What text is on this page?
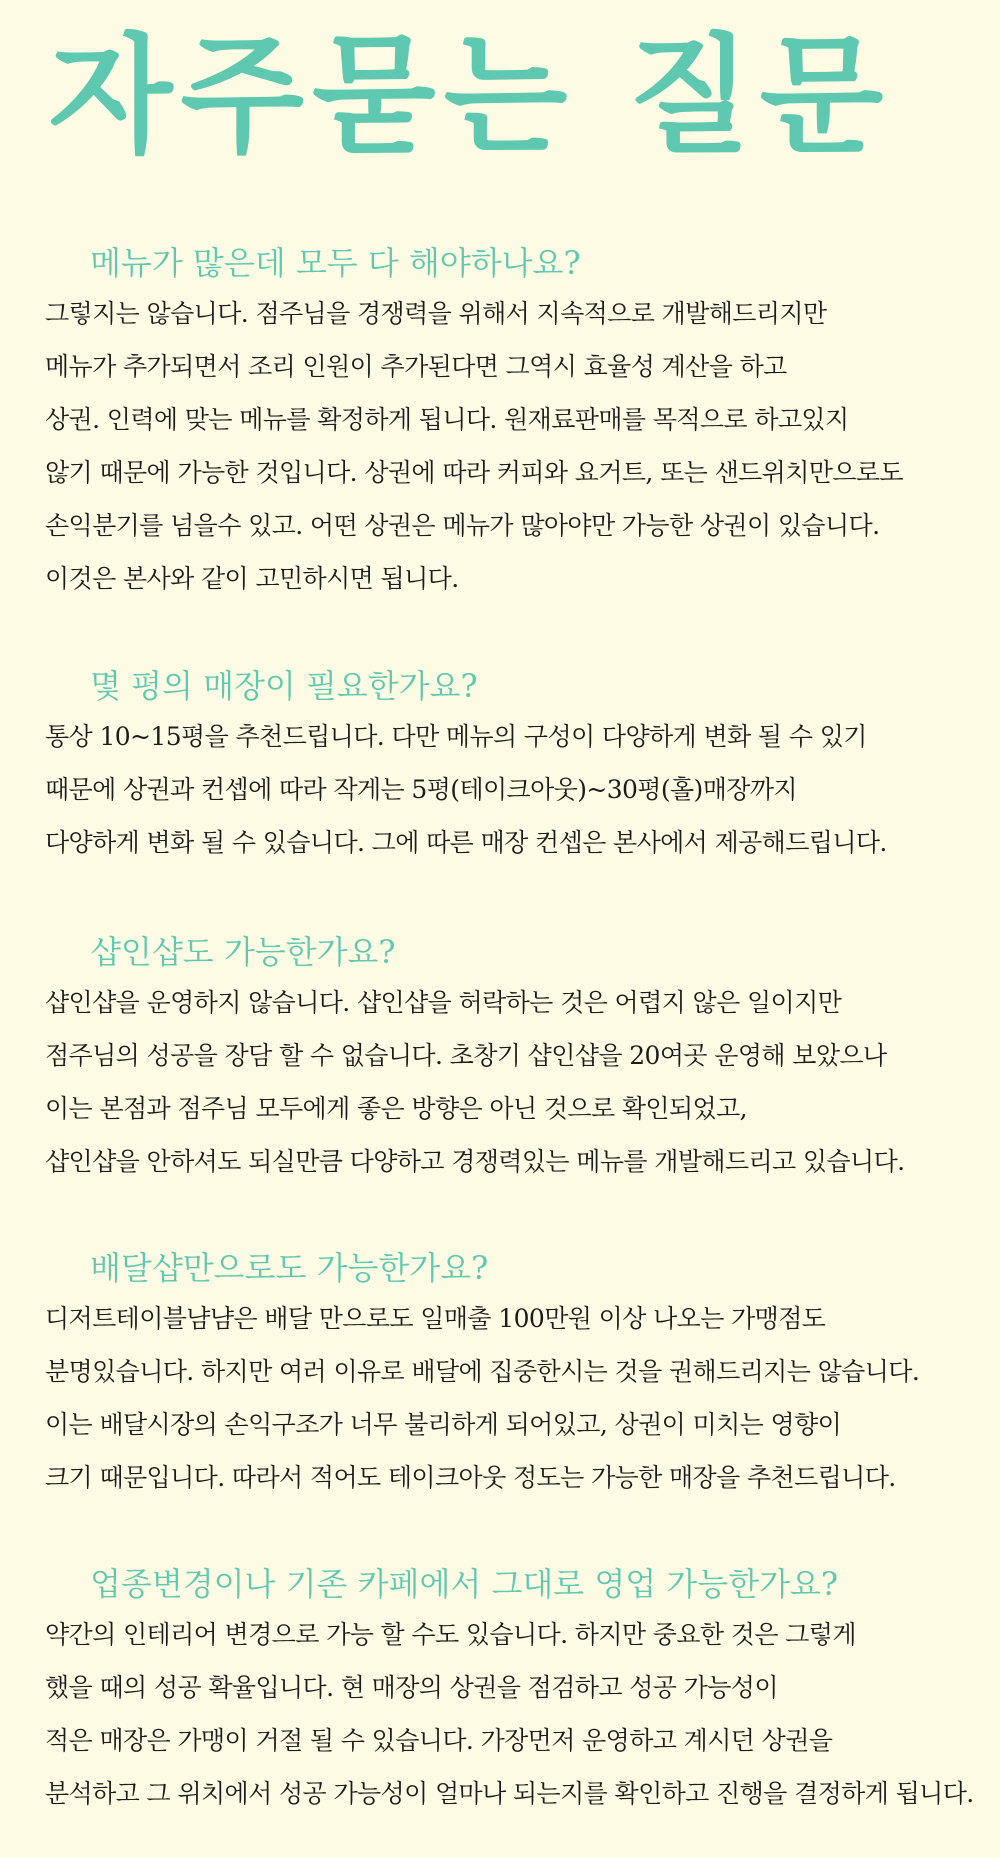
자주묻는 질문
메뉴가 많은데 모두 다 해야하나요?
그렇지는 않습니다. 점주님을 경쟁력을 위해서 지속적으로 개발해드리지만
메뉴가 추가되면서 조리 인원이 추가된다면 그역시 효율성 계산을 하고
상권. 인력에 맞는 메뉴를 확정하게 됩니다. 원재료판매를 목적으로 하고있지
않기 때문에 가능한 것입니다. 상권에 따라 커피와 요거트, 또는 샌드위치만으로도
손익분기를 넘을수 있고. 어떤 상권은 메뉴가 많아야만 가능한 상권이 있습니다.
이것은 본사와 같이 고민하시면 됩니다.
몇 평의 매장이 필요한가요?
통상 10~15평을 추천드립니다. 다만 메뉴의 구성이 다양하게 변화 될 수 있기
때문에 상권과 컨셉에 따라 작게는 5평(테이크아웃)~30평(홀)매장까지
다양하게 변화 될 수 있습니다. 그에 따른 매장 컨셉은 본사에서 제공해드립니다.
샵인샵도 가능한가요?
샵인샵을 운영하지 않습니다. 샵인샵을 허락하는 것은 어렵지 않은 일이지만
점주님의 성공을 장담 할 수 없습니다. 초창기 샵인샵을 20여곳 운영해 보았으나
이는 본점과 점주님 모두에게 좋은 방향은 아닌 것으로 확인되었고,
샵인샵을 안하셔도 되실만큼 다양하고 경쟁력있는 메뉴를 개발해드리고 있습니다.
배달샵만으로도 가능한가요?
디저트테이블냠냠은 배달 만으로도 일매출 100만원 이상 나오는 가맹점도
분명있습니다. 하지만 여러 이유로 배달에 집중한시는 것을 권해드리지는 않습니다.
이는 배달시장의 손익구조가 너무 불리하게 되어있고, 상권이 미치는 영향이
크기 때문입니다. 따라서 적어도 테이크아웃 정도는 가능한 매장을 추천드립니다.
업종변경이나 기존 카페에서 그대로 영업 가능한가요?
약간의 인테리어 변경으로 가능 할 수도 있습니다. 하지만 중요한 것은 그렇게
했을 때의 성공 확율입니다. 현 매장의 상권을 점검하고 성공 가능성이
적은 매장은 가맹이 거절 될 수 있습니다. 가장먼저 운영하고 계시던 상권을
분석하고 그 위치에서 성공 가능성이 얼마나 되는지를 확인하고 진행을 결정하게 됩니다.
